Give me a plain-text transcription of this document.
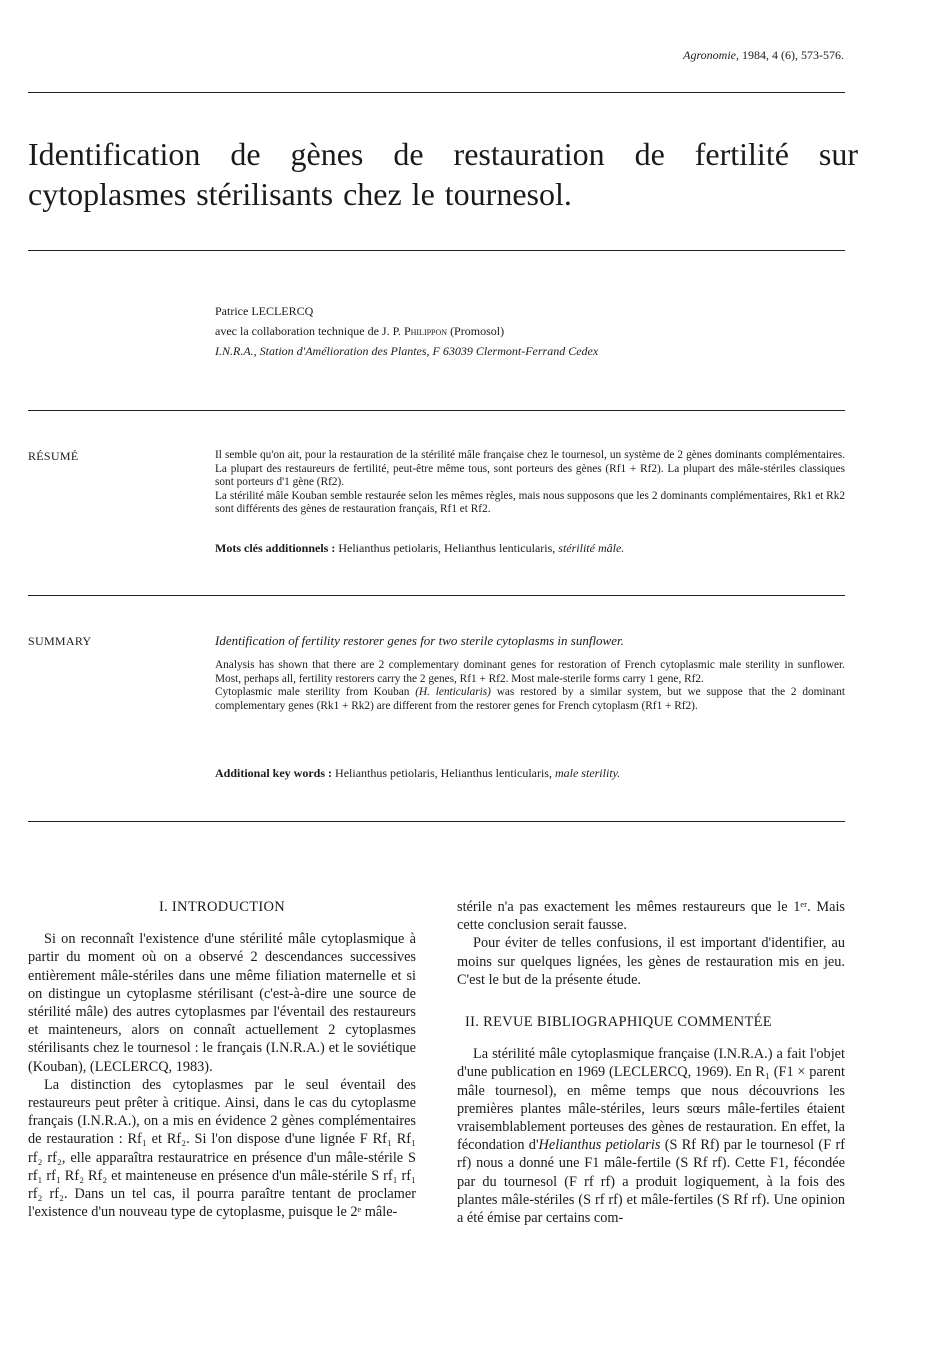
Agronomie, 1984, 4 (6), 573-576.
Identification de gènes de restauration de fertilité sur cytoplasmes stérilisants chez le tournesol.
Patrice LECLERCQ
avec la collaboration technique de J. P. Philippon (Promosol)
I.N.R.A., Station d'Amélioration des Plantes, F 63039 Clermont-Ferrand Cedex
RÉSUMÉ	Il semble qu'on ait, pour la restauration de la stérilité mâle française chez le tournesol, un système de 2 gènes dominants complémentaires. La plupart des restaureurs de fertilité, peut-être même tous, sont porteurs des gènes (Rf1 + Rf2). La plupart des mâle-stériles classiques sont porteurs d'1 gène (Rf2).

La stérilité mâle Kouban semble restaurée selon les mêmes règles, mais nous supposons que les 2 dominants complémentaires, Rk1 et Rk2 sont différents des gènes de restauration français, Rf1 et Rf2.

Mots clés additionnels : Helianthus petiolaris, Helianthus lenticularis, stérilité mâle.
SUMMARY	Identification of fertility restorer genes for two sterile cytoplasms in sunflower.

Analysis has shown that there are 2 complementary dominant genes for restoration of French cytoplasmic male sterility in sunflower. Most, perhaps all, fertility restorers carry the 2 genes, Rf1 + Rf2. Most male-sterile forms carry 1 gene, Rf2.

Cytoplasmic male sterility from Kouban (H. lenticularis) was restored by a similar system, but we suppose that the 2 dominant complementary genes (Rk1 + Rk2) are different from the restorer genes for French cytoplasm (Rf1 + Rf2).

Additional key words : Helianthus petiolaris, Helianthus lenticularis, male sterility.
I. INTRODUCTION

Si on reconnaît l'existence d'une stérilité mâle cytoplasmique à partir du moment où on a observé 2 descendances successives entièrement mâle-stériles dans une même filiation maternelle et si on distingue un cytoplasme stérilisant (c'est-à-dire une source de stérilité mâle) des autres cytoplasmes par l'éventail des restaureurs et mainteneurs, alors on connaît actuellement 2 cytoplasmes stérilisants chez le tournesol : le français (I.N.R.A.) et le soviétique (Kouban), (LECLERCQ, 1983).

La distinction des cytoplasmes par le seul éventail des restaureurs peut prêter à critique. Ainsi, dans le cas du cytoplasme français (I.N.R.A.), on a mis en évidence 2 gènes complémentaires de restauration : Rf₁ et Rf₂. Si l'on dispose d'une lignée F Rf₁ Rf₁ rf₂ rf₂, elle apparaîtra restauratrice en présence d'un mâle-stérile S rf₁ rf₁ Rf₂ Rf₂ et mainteneuse en présence d'un mâle-stérile S rf₁ rf₁ rf₂ rf₂. Dans un tel cas, il pourra paraître tentant de proclamer l'existence d'un nouveau type de cytoplasme, puisque le 2ᵉ mâle-

stérile n'a pas exactement les mêmes restaureurs que le 1ᵉʳ. Mais cette conclusion serait fausse.

Pour éviter de telles confusions, il est important d'identifier, au moins sur quelques lignées, les gènes de restauration mis en jeu. C'est le but de la présente étude.

II. REVUE BIBLIOGRAPHIQUE COMMENTÉE

La stérilité mâle cytoplasmique française (I.N.R.A.) a fait l'objet d'une publication en 1969 (LECLERCQ, 1969). En R₁ (F1 × parent mâle tournesol), en même temps que nous découvrions les premières plantes mâle-stériles, leurs sœurs mâle-fertiles étaient vraisemblablement porteuses des gènes de restauration. En effet, la fécondation d'Helianthus petiolaris (S Rf Rf) par le tournesol (F rf rf) nous a donné une F1 mâle-fertile (S Rf rf). Cette F1, fécondée par du tournesol (F rf rf) a produit logiquement, à la fois des plantes mâle-stériles (S rf rf) et mâle-fertiles (S Rf rf). Une opinion a été émise par certains com-
